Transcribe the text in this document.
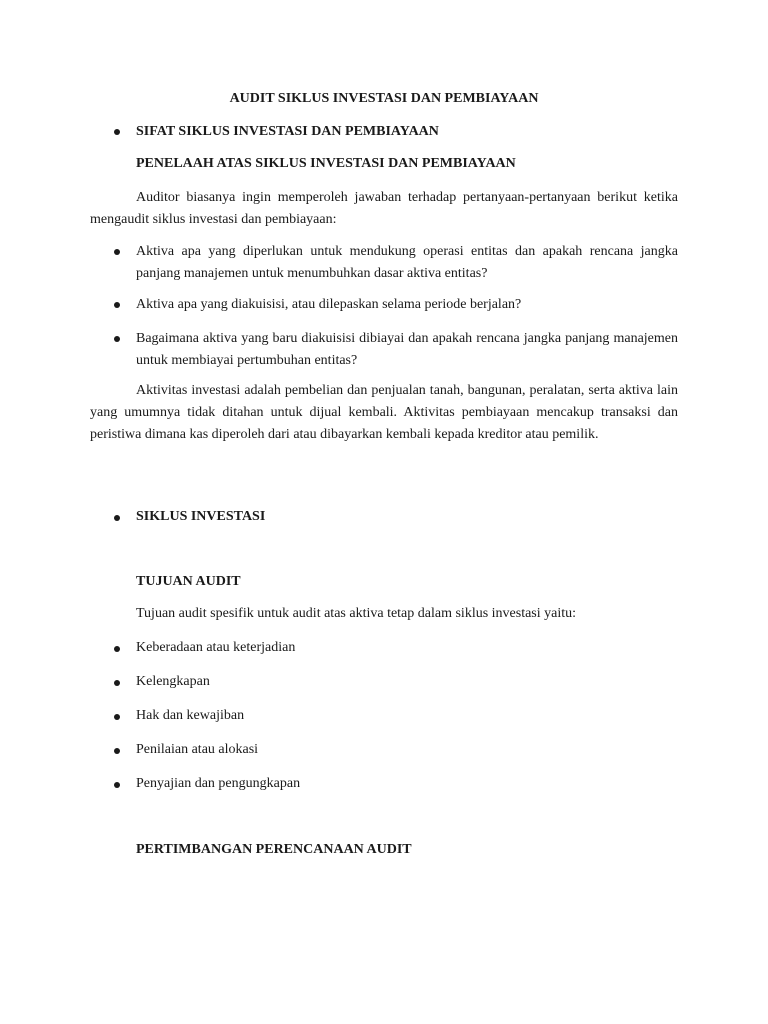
AUDIT SIKLUS INVESTASI DAN PEMBIAYAAN
SIFAT SIKLUS INVESTASI DAN PEMBIAYAAN
PENELAAH ATAS SIKLUS INVESTASI DAN PEMBIAYAAN
Auditor biasanya ingin memperoleh jawaban terhadap pertanyaan-pertanyaan berikut ketika mengaudit siklus investasi dan pembiayaan:
Aktiva apa yang diperlukan untuk mendukung operasi entitas dan apakah rencana jangka panjang manajemen untuk menumbuhkan dasar aktiva entitas?
Aktiva apa yang diakuisisi, atau dilepaskan selama periode berjalan?
Bagaimana aktiva yang baru diakuisisi dibiayai dan apakah rencana jangka panjang manajemen untuk membiayai pertumbuhan entitas?
Aktivitas investasi adalah pembelian dan penjualan tanah, bangunan, peralatan, serta aktiva lain yang umumnya tidak ditahan untuk dijual kembali. Aktivitas pembiayaan mencakup transaksi dan peristiwa dimana kas diperoleh dari atau dibayarkan kembali kepada kreditor atau pemilik.
SIKLUS INVESTASI
TUJUAN AUDIT
Tujuan audit spesifik untuk audit atas aktiva tetap dalam siklus investasi yaitu:
Keberadaan atau keterjadian
Kelengkapan
Hak dan kewajiban
Penilaian atau alokasi
Penyajian dan pengungkapan
PERTIMBANGAN PERENCANAAN AUDIT
